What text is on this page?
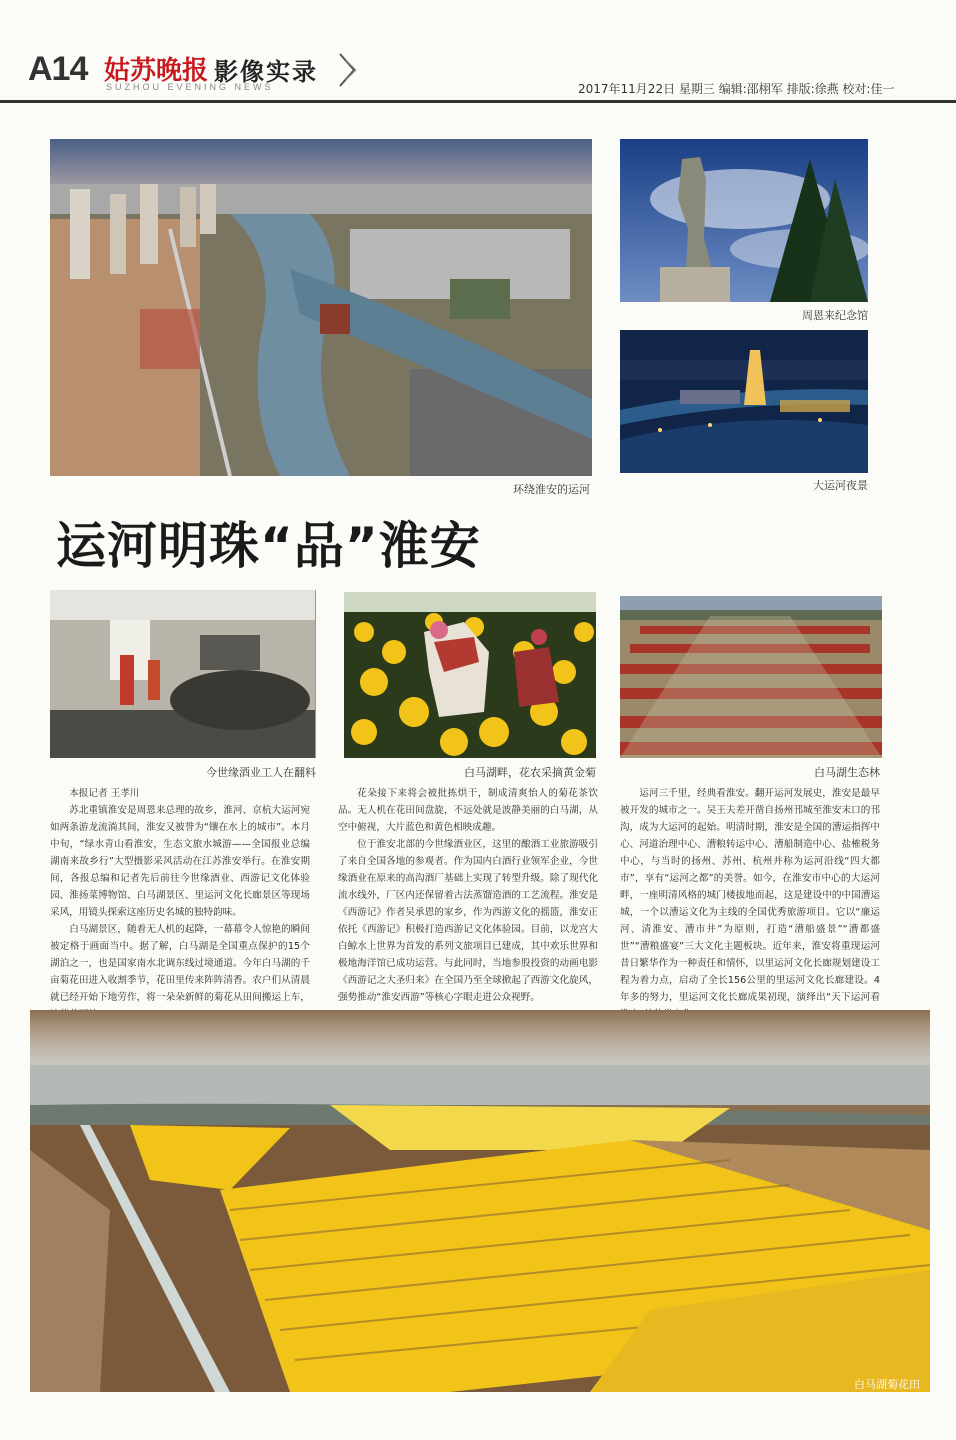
A14 姑苏晚报
SUZHOU EVENING NEWS
影像实录
2017年11月22日 星期三 编辑:邵栩军 排版:徐燕 校对:佳一
环绕淮安的运河
周恩来纪念馆
大运河夜景
运河明珠“品”淮安
今世缘酒业工人在翻料	白马湖畔，花农采摘黄金菊	白马湖生态林

本报记者 王孝川

苏北重镇淮安是周恩来总理的故乡，淮河、京杭大运河宛如两条游龙流淌其间，淮安又被誉为“镶在水上的城市”。本月中旬，“绿水青山看淮安，生态文旅水城游——全国报业总编湖南来故乡行”大型摄影采风活动在江苏淮安举行。在淮安期间，各报总编和记者先后前往今世缘酒业、西游记文化体验园、淮扬菜博物馆、白马湖景区、里运河文化长廊景区等现场采风，用镜头探索这座历史名城的独特韵味。

白马湖景区，随着无人机的起降，一幕幕令人惊艳的瞬间被定格于画面当中。据了解，白马湖是全国重点保护的15个湖泊之一，也是国家南水北调东线过境通道。今年白马湖的千亩菊花田进入收割季节，花田里传来阵阵清香。农户们从清晨就已经开始下地劳作，将一朵朵新鲜的菊花从田间搬运上车，

花朵接下来将会被批拣烘干，制成清爽怡人的菊花茶饮品。无人机在花田间盘旋，不远处就是波静美丽的白马湖，从空中俯视，大片蓝色和黄色相映成趣。

位于淮安北部的今世缘酒业区，这里的酿酒工业旅游吸引了来自全国各地的参观者。作为国内白酒行业领军企业，今世缘酒业在原来的高沟酒厂基础上实现了转型升级。除了现代化流水线外，厂区内还保留着古法蒸馏造酒的工艺流程。淮安是《西游记》作者吴承恩的家乡，作为西游文化的摇篮，淮安正依托《西游记》积极打造西游记文化体验园。目前，以龙宫大白鲸水上世界为首发的系列文旅项目已建成，其中欢乐世界和极地海洋馆已成功运营。与此同时，当地参股投资的动画电影《西游记之大圣归来》在全国乃至全球掀起了西游文化旋风，强势推动“淮安西游”等核心字眼走进公众视野。

运河三千里，经典看淮安。翻开运河发展史，淮安是最早被开发的城市之一。吴王夫差开凿自扬州邗城至淮安末口的邗沟，成为大运河的起始。明清时期，淮安是全国的漕运指挥中心、河道治理中心、漕粮转运中心、漕船制造中心、盐榷税务中心，与当时的扬州、苏州、杭州并称为运河沿线“四大都市”，享有“运河之都”的美誉。如今，在淮安市中心的大运河畔，一座明清风格的城门楼拔地而起，这是建设中的中国漕运城，一个以漕运文化为主线的全国优秀旅游项目。它以“廉运河、清淮安、漕市井”为原则，打造“漕船盛景”“漕都盛世”“漕粮盛宴”三大文化主题板块。近年来，淮安将重现运河昔日繁华作为一种责任和情怀，以里运河文化长廊规划建设工程为着力点，启动了全长156公里的里运河文化长廊建设。4年多的努力，里运河文化长廊成果初现，演绎出“天下运河看

白马湖菊花田
